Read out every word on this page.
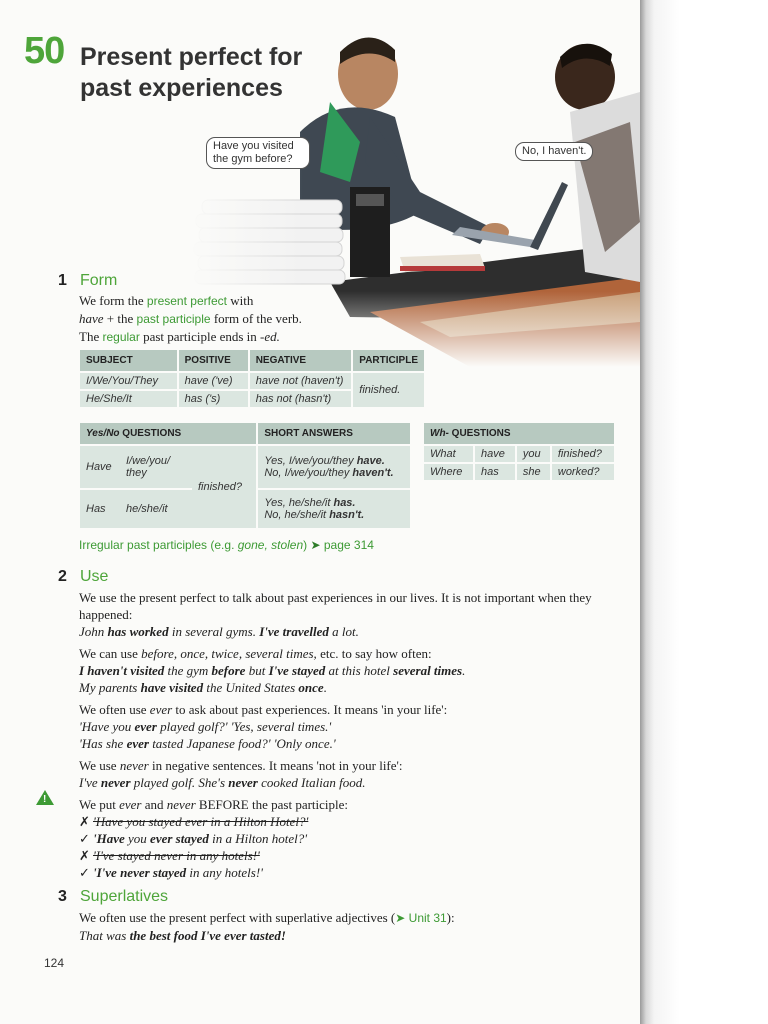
50 Present perfect for past experiences
Have you visited the gym before?
No, I haven't.
1 Form
We form the present perfect with
have + the past participle form of the verb.
The regular past participle ends in -ed.
SUBJECT	POSITIVE	NEGATIVE	PARTICIPLE
I/We/You/They	have ('ve)	have not (haven't)	finished.
He/She/It	has ('s)	has not (hasn't)	
Yes/No QUESTIONS			SHORT ANSWERS
Have	I/we/you/ they	finished?	Yes, I/we/you/they have.
No, I/we/you/they haven't.

Has	he/she/it		Yes, he/she/it has.
No, he/she/it hasn't.
Wh- QUESTIONS			
What	have	you	finished?
Where	has	she	worked?
Irregular past participles (e.g. gone, stolen) ➤ page 314
2 Use
We use the present perfect to talk about past experiences in our lives. It is not important when they happened:
John has worked in several gyms. I've travelled a lot.
We can use before, once, twice, several times, etc. to say how often:
I haven't visited the gym before but I've stayed at this hotel several times.
My parents have visited the United States once.
We often use ever to ask about past experiences. It means 'in your life':
'Have you ever played golf?' 'Yes, several times.'
'Has she ever tasted Japanese food?' 'Only once.'
We use never in negative sentences. It means 'not in your life':
I've never played golf. She's never cooked Italian food.
We put ever and never BEFORE the past participle:
✗ 'Have you stayed ever in a Hilton Hotel?'
✓ 'Have you ever stayed in a Hilton hotel?'
✗ 'I've stayed never in any hotels!'
✓ 'I've never stayed in any hotels!'
!
3 Superlatives
We often use the present perfect with superlative adjectives (➤ Unit 31):
That was the best food I've ever tasted!
124
